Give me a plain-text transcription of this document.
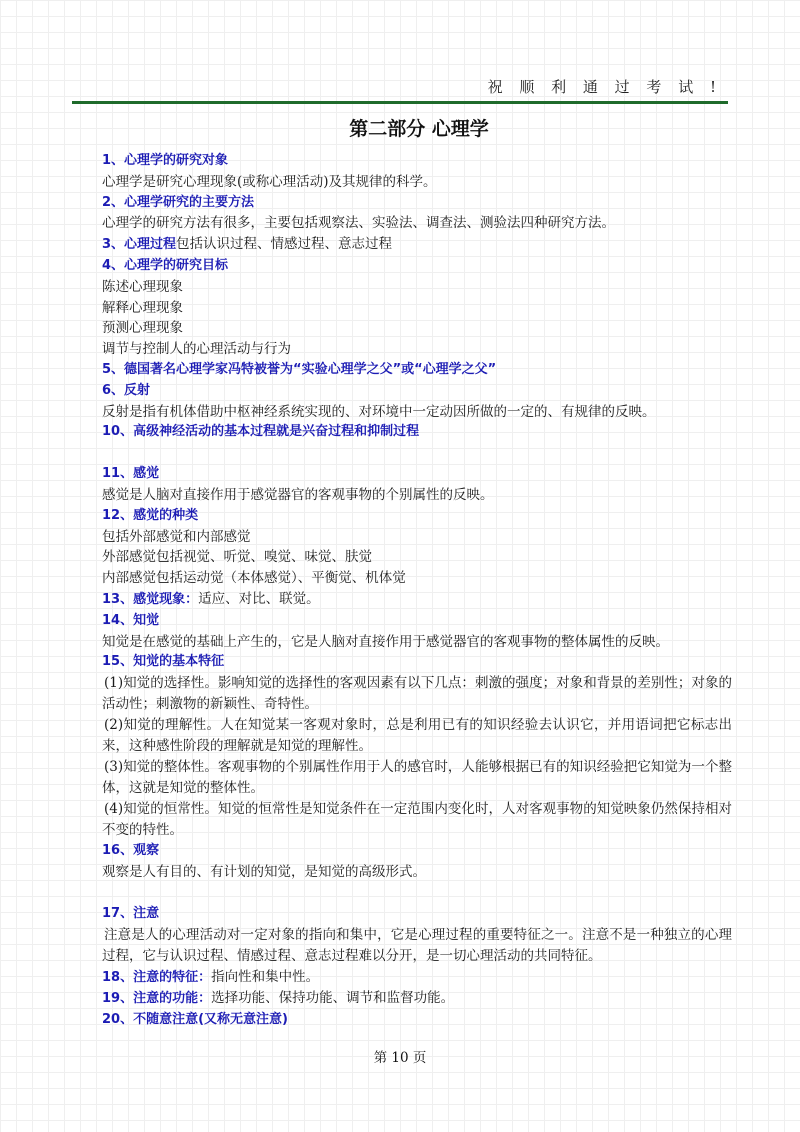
祝 顺 利 通 过 考 试 !
第二部分 心理学
1、心理学的研究对象
心理学是研究心理现象(或称心理活动)及其规律的科学。
2、心理学研究的主要方法
心理学的研究方法有很多，主要包括观察法、实验法、调查法、测验法四种研究方法。
3、心理过程包括认识过程、情感过程、意志过程
4、心理学的研究目标
陈述心理现象
解释心理现象
预测心理现象
调节与控制人的心理活动与行为
5、德国著名心理学家冯特被誉为“实验心理学之父”或“心理学之父”
6、反射
反射是指有机体借助中枢神经系统实现的、对环境中一定动因所做的一定的、有规律的反映。
10、高级神经活动的基本过程就是兴奋过程和抑制过程
11、感觉
感觉是人脑对直接作用于感觉器官的客观事物的个别属性的反映。
12、感觉的种类
包括外部感觉和内部感觉
外部感觉包括视觉、听觉、嗅觉、味觉、肤觉
内部感觉包括运动觉（本体感觉）、平衡觉、机体觉
13、感觉现象：适应、对比、联觉。
14、知觉
知觉是在感觉的基础上产生的，它是人脑对直接作用于感觉器官的客观事物的整体属性的反映。
15、知觉的基本特征

(1)知觉的选择性。影响知觉的选择性的客观因素有以下几点：刺激的强度；对象和背景的差别性；对象的活动性；刺激物的新颖性、奇特性。

(2)知觉的理解性。人在知觉某一客观对象时，总是利用已有的知识经验去认识它，并用语词把它标志出来，这种感性阶段的理解就是知觉的理解性。

(3)知觉的整体性。客观事物的个别属性作用于人的感官时，人能够根据已有的知识经验把它知觉为一个整体，这就是知觉的整体性。

(4)知觉的恒常性。知觉的恒常性是知觉条件在一定范围内变化时，人对客观事物的知觉映象仍然保持相对不变的特性。

16、观察
观察是人有目的、有计划的知觉，是知觉的高级形式。
17、注意

注意是人的心理活动对一定对象的指向和集中，它是心理过程的重要特征之一。注意不是一种独立的心理过程，它与认识过程、情感过程、意志过程难以分开，是一切心理活动的共同特征。

18、注意的特征：指向性和集中性。
19、注意的功能：选择功能、保持功能、调节和监督功能。
20、不随意注意(又称无意注意)
第 10 页
